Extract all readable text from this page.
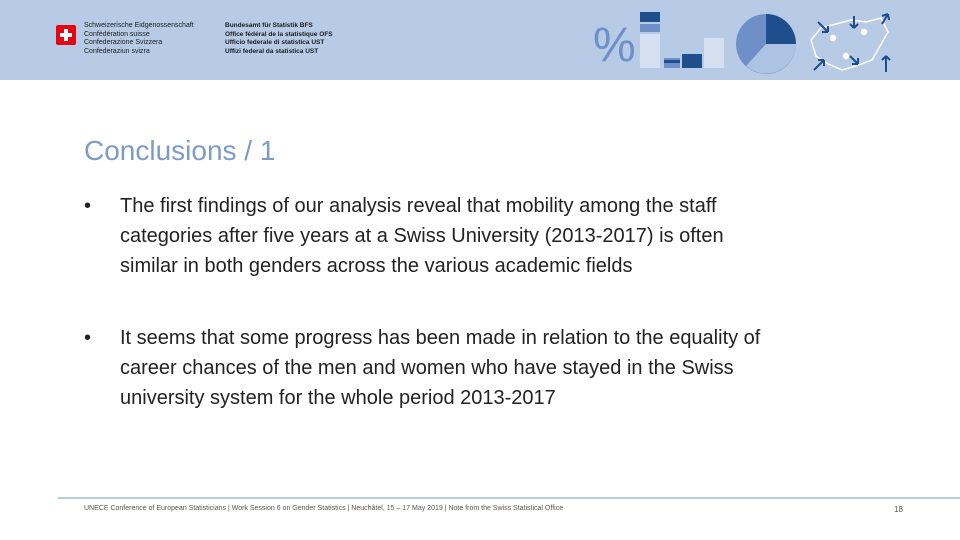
Schweizerische Eidgenossenschaft
Confédération suisse
Confederazione Svizzera
Confederaziun svizra
Bundesamt für Statistik BFS
Office fédéral de la statistique OFS
Ufficio federale di statistica UST
Uffizi federal da statistica UST	%
Conclusions / 1
•	The first findings of our analysis reveal that mobility among the staff
categories after five years at a Swiss University (2013-2017) is often
similar in both genders across the various academic fields
•	It seems that some progress has been made in relation to the equality of
career chances of the men and women who have stayed in the Swiss
university system for the whole period 2013-2017
UNECE Conference of European Statisticians | Work Session 6 on Gender Statistics | Neuchâtel, 15 – 17 May 2019 | Note from the Swiss Statistical Office	18
